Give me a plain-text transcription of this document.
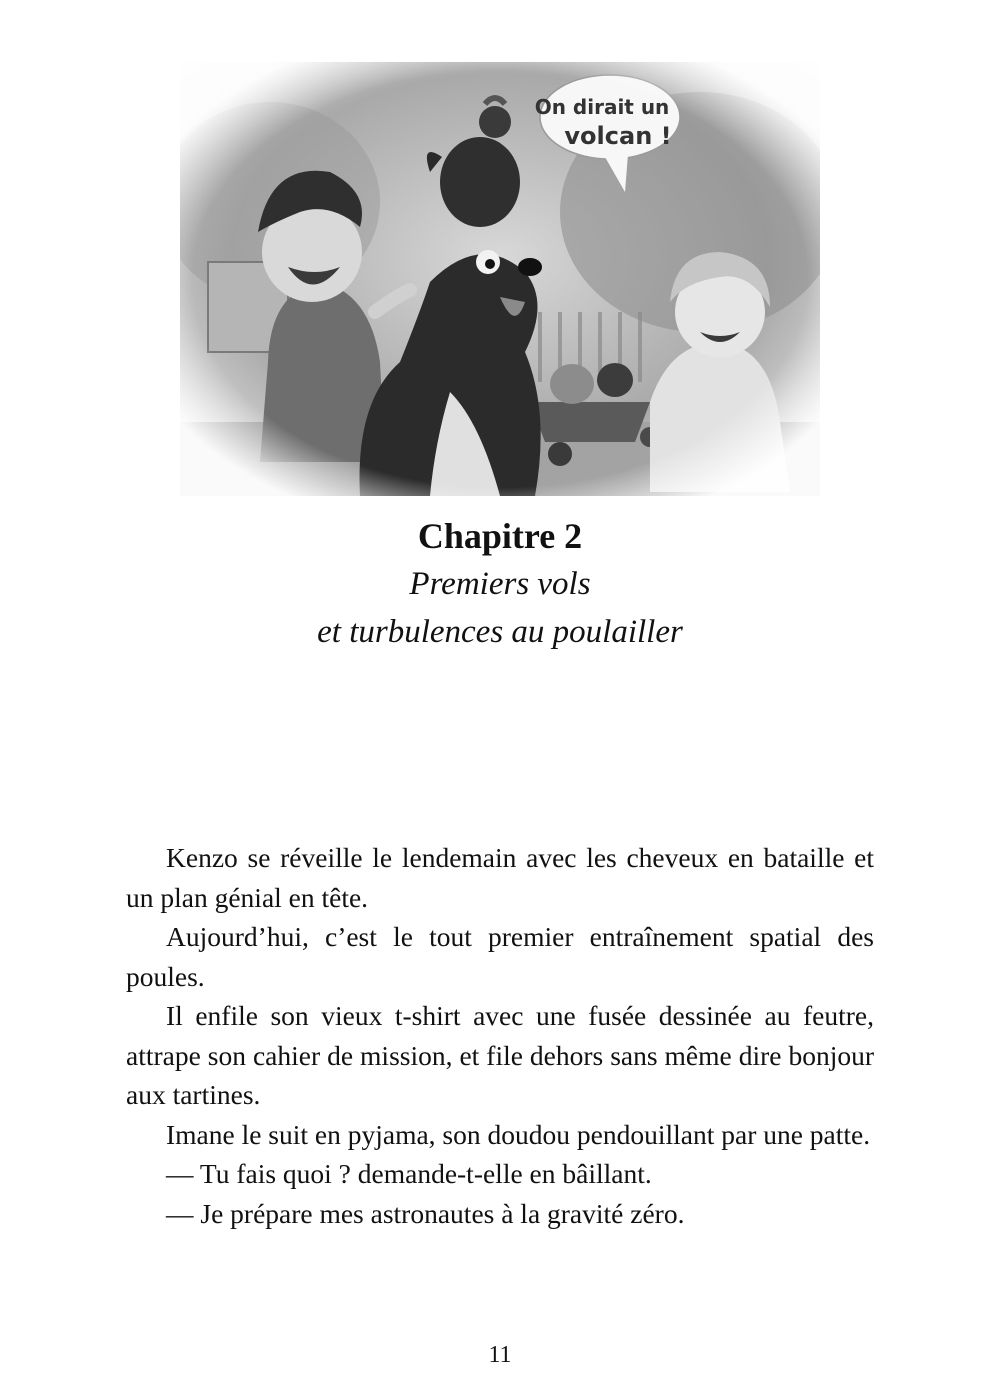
Chapitre 2

Premiers vols

et turbulences au poulailler

Kenzo se réveille le lendemain avec les cheveux en bataille et un plan génial en tête.

Aujourd’hui, c’est le tout premier entraînement spatial des poules.

Il enfile son vieux t-shirt avec une fusée dessinée au feutre, attrape son cahier de mission, et file dehors sans même dire bonjour aux tartines.

Imane le suit en pyjama, son doudou pendouillant par une patte.

— Tu fais quoi ? demande-t-elle en bâillant.

— Je prépare mes astronautes à la gravité zéro.

11
